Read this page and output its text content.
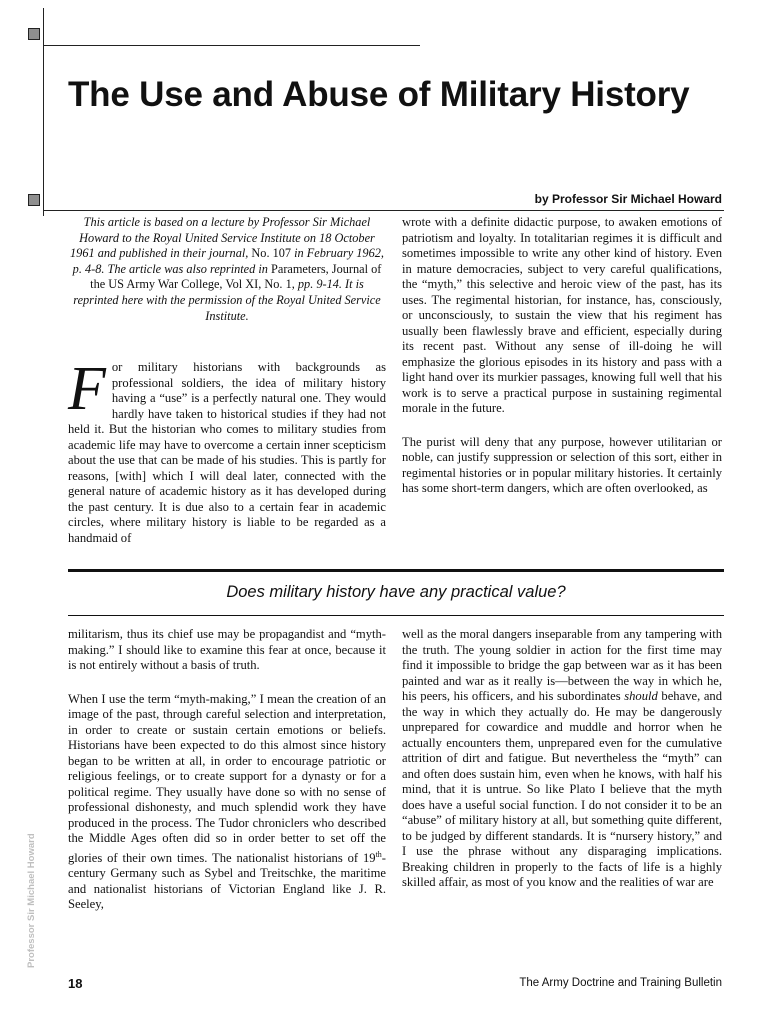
The Use and Abuse of Military History

by Professor Sir Michael Howard

This article is based on a lecture by Professor Sir Michael Howard to the Royal United Service Institute on 18 October 1961 and published in their journal, No. 107 in February 1962, p. 4-8. The article was also reprinted in Parameters, Journal of the US Army War College, Vol XI, No. 1, pp. 9-14. It is reprinted here with the permission of the Royal United Service Institute.

For military historians with backgrounds as professional soldiers, the idea of military history having a “use” is a perfectly natural one. They would hardly have taken to historical studies if they had not held it. But the historian who comes to military studies from academic life may have to overcome a certain inner scepticism about the use that can be made of his studies. This is partly for reasons, [with] which I will deal later, connected with the general nature of academic history as it has developed during the past century. It is due also to a certain fear in academic circles, where military history is liable to be regarded as a handmaid of

wrote with a definite didactic purpose, to awaken emotions of patriotism and loyalty. In totalitarian regimes it is difficult and sometimes impossible to write any other kind of history. Even in mature democracies, subject to very careful qualifications, the “myth,” this selective and heroic view of the past, has its uses. The regimental historian, for instance, has, consciously, or unconsciously, to sustain the view that his regiment has usually been flawlessly brave and efficient, especially during its recent past. Without any sense of ill-doing he will emphasize the glorious episodes in its history and pass with a light hand over its murkier passages, knowing full well that his work is to serve a practical purpose in sustaining regimental morale in the future.

The purist will deny that any purpose, however utilitarian or noble, can justify suppression or selection of this sort, either in regimental histories or in popular military histories. It certainly has some short-term dangers, which are often overlooked, as

Does military history have any practical value?

militarism, thus its chief use may be propagandist and “myth-making.” I should like to examine this fear at once, because it is not entirely without a basis of truth.

When I use the term “myth-making,” I mean the creation of an image of the past, through careful selection and interpretation, in order to create or sustain certain emotions or beliefs. Historians have been expected to do this almost since history began to be written at all, in order to encourage patriotic or religious feelings, or to create support for a dynasty or for a political regime. They usually have done so with no sense of professional dishonesty, and much splendid work they have produced in the process. The Tudor chroniclers who described the Middle Ages often did so in order better to set off the glories of their own times. The nationalist historians of 19th-century Germany such as Sybel and Treitschke, the maritime and nationalist historians of Victorian England like J. R. Seeley,

well as the moral dangers inseparable from any tampering with the truth. The young soldier in action for the first time may find it impossible to bridge the gap between war as it has been painted and war as it really is—between the way in which he, his peers, his officers, and his subordinates should behave, and the way in which they actually do. He may be dangerously unprepared for cowardice and muddle and horror when he actually encounters them, unprepared even for the cumulative attrition of dirt and fatigue. But nevertheless the “myth” can and often does sustain him, even when he knows, with half his mind, that it is untrue. So like Plato I believe that the myth does have a useful social function. I do not consider it to be an “abuse” of military history at all, but something quite different, to be judged by different standards. It is “nursery history,” and I use the phrase without any disparaging implications. Breaking children in properly to the facts of life is a highly skilled affair, as most of you know and the realities of war are

Professor Sir Michael Howard

18	The Army Doctrine and Training Bulletin
